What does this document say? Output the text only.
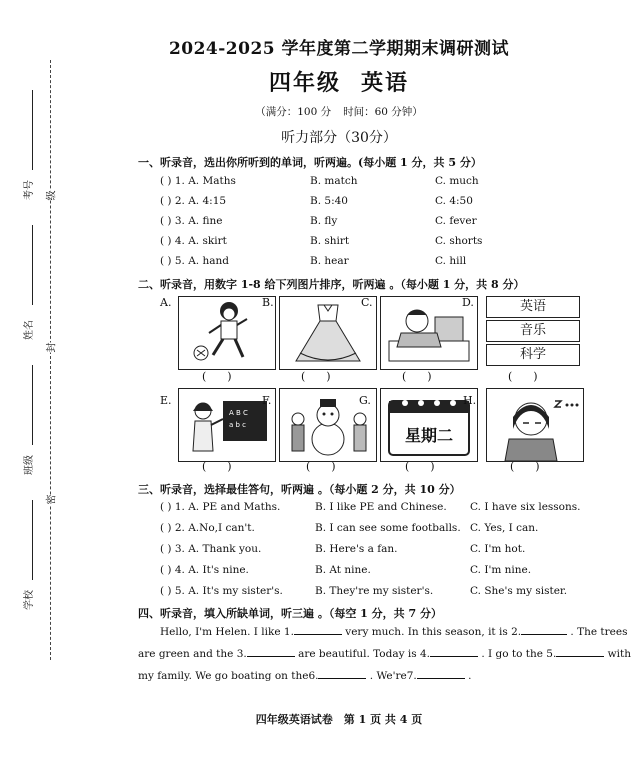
考号
姓名
班级
学校
级
封
密
2024-2025 学年度第二学期期末调研测试
四年级 英语
（满分：100 分 时间：60 分钟）
听力部分（30分）
一、听录音，选出你所听到的单词，听两遍。(每小题 1 分，共 5 分）
( ) 1. A. Maths	B. match	C. much
( ) 2. A. 4:15	B. 5:40	C. 4:50
( ) 3. A. fine	B. fly	C. fever
( ) 4. A. skirt	B. shirt	C. shorts
( ) 5. A. hand	B. hear	C. hill
二、听录音，用数字 1-8 给下列图片排序，听两遍 。（每小题 1 分，共 8 分）
A.	B.	C.	D.	英语
音乐
科学
(      )	(      )	(      )	(      )
E.
A B C
a b c
F.	G.
星期二
H.
(      )	(      )	(      )	(      )
三、听录音，选择最佳答句，听两遍 。（每小题 2 分，共 10 分）
( ) 1. A. PE and Maths.	B. I like PE and Chinese. C. I have six lessons.
( ) 2. A.No,I can't.	B. I can see some footballs. C. Yes, I can.
( ) 3. A. Thank you.	B. Here's a fan.	C. I'm hot.
( ) 4. A. It's nine.	B. At nine.	C. I'm nine.
( ) 5. A. It's my sister's.	B. They're my sister's.	C. She's my sister.
四、听录音，填入所缺单词，听三遍 。（每空 1 分，共 7 分）

Hello, I'm Helen. I like 1.	very much. In this season, it is 2.	. The trees

are green and the 3.	are beautiful. Today is 4.	. I go to the 5.	with

my family. We go boating on the6.	. We're7.	.

四年级英语试卷　第 1 页 共 4 页
